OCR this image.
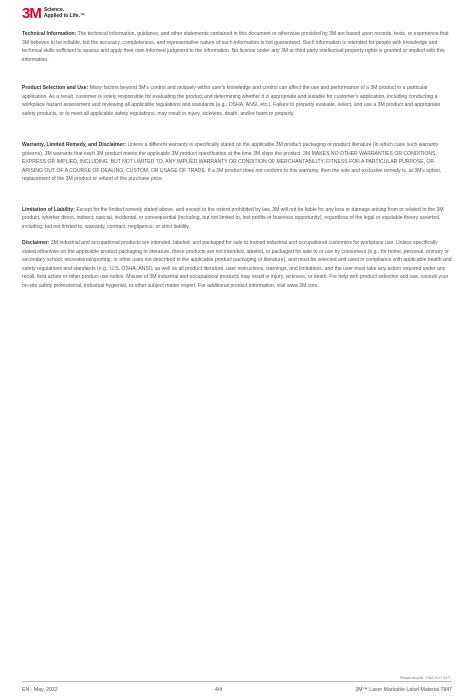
3M Science.
Applied to Life.™

Technical Information: The technical information, guidance, and other statements contained in this document or otherwise provided by 3M are based upon records, tests, or experience that 3M believes to be reliable, but the accuracy, completeness, and representative nature of such information is not guaranteed. Such information is intended for people with knowledge and technical skills sufficient to assess and apply their own informed judgment to the information. No license under any 3M or third party intellectual property rights is granted or implied with this information.

Product Selection and Use: Many factors beyond 3M's control and uniquely within user's knowledge and control can affect the use and performance of a 3M product in a particular application. As a result, customer is solely responsible for evaluating the product and determining whether it is appropriate and suitable for customer's application, including conducting a workplace hazard assessment and reviewing all applicable regulations and standards (e.g., OSHA, ANSI, etc.). Failure to properly evaluate, select, and use a 3M product and appropriate safety products, or to meet all applicable safety regulations, may result in injury, sickness, death, and/or harm to property.

Warranty, Limited Remedy, and Disclaimer: Unless a different warranty is specifically stated on the applicable 3M product packaging or product literature (in which case such warranty governs), 3M warrants that each 3M product meets the applicable 3M product specification at the time 3M ships the product. 3M MAKES NO OTHER WARRANTIES OR CONDITIONS, EXPRESS OR IMPLIED, INCLUDING, BUT NOT LIMITED TO, ANY IMPLIED WARRANTY OR CONDITION OF MERCHANTABILITY, FITNESS FOR A PARTICULAR PURPOSE, OR ARISING OUT OF A COURSE OF DEALING, CUSTOM, OR USAGE OF TRADE. If a 3M product does not conform to this warranty, then the sole and exclusive remedy is, at 3M's option, replacement of the 3M product or refund of the purchase price.

Limitation of Liability: Except for the limited remedy stated above, and except to the extent prohibited by law, 3M will not be liable for any loss or damage arising from or related to the 3M product, whether direct, indirect, special, incidental, or consequential (including, but not limited to, lost profits or business opportunity), regardless of the legal or equitable theory asserted, including, but not limited to, warranty, contract, negligence, or strict liability.

Disclaimer: 3M industrial and occupational products are intended, labeled, and packaged for sale to trained industrial and occupational customers for workplace use. Unless specifically stated otherwise on the applicable product packaging or literature, these products are not intended, labeled, or packaged for sale to or use by consumers (e.g., for home, personal, primary or secondary school, recreational/sporting, or other uses not described in the applicable product packaging or literature), and must be selected and used in compliance with applicable health and safety regulations and standards (e.g., U.S. OSHA, ANSI), as well as all product literature, user instructions, warnings, and limitations, and the user must take any action required under any recall, field action or other product use notice. Misuse of 3M industrial and occupational products may result in injury, sickness, or death. For help with product selection and use, consult your on-site safety professional, industrial hygienist, or other subject matter expert. For additional product information, visit www.3M.com.

Please recycle. ©3M 2017 3177
EN - May, 2022	4/4	3M™ Laser Markable Label Material 7847
